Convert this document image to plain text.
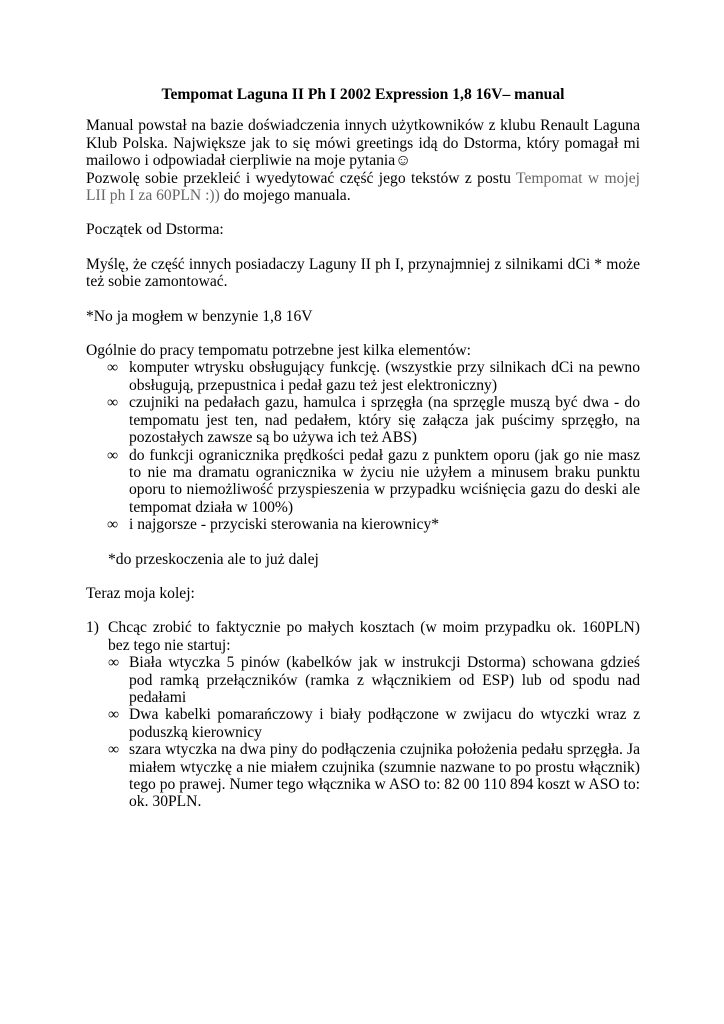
Tempomat Laguna II Ph I 2002 Expression 1,8 16V– manual

Manual powstał na bazie doświadczenia innych użytkowników z klubu Renault Laguna Klub Polska. Największe jak to się mówi greetings idą do Dstorma, który pomagał mi mailowo i odpowiadał cierpliwie na moje pytania☺

Pozwolę sobie przekleić i wyedytować część jego tekstów z postu Tempomat w mojej LII ph I za 60PLN :)) do mojego manuala.

Początek od Dstorma:

Myślę, że część innych posiadaczy Laguny II ph I, przynajmniej z silnikami dCi * może też sobie zamontować.

*No ja mogłem w benzynie 1,8 16V

Ogólnie do pracy tempomatu potrzebne jest kilka elementów:

∞ komputer wtrysku obsługujący funkcję. (wszystkie przy silnikach dCi na pewno obsługują, przepustnica i pedał gazu też jest elektroniczny)
∞ czujniki na pedałach gazu, hamulca i sprzęgła (na sprzęgle muszą być dwa - do tempomatu jest ten, nad pedałem, który się załącza jak puścimy sprzęgło, na pozostałych zawsze są bo używa ich też ABS)
∞ do funkcji ogranicznika prędkości pedał gazu z punktem oporu (jak go nie masz to nie ma dramatu ogranicznika w życiu nie użyłem a minusem braku punktu oporu to niemożliwość przyspieszenia w przypadku wciśnięcia gazu do deski ale tempomat działa w 100%)
∞ i najgorsze - przyciski sterowania na kierownicy*

*do przeskoczenia ale to już dalej

Teraz moja kolej:

1) Chcąc zrobić to faktycznie po małych kosztach (w moim przypadku ok. 160PLN) bez tego nie startuj:

∞ Biała wtyczka 5 pinów (kabelków jak w instrukcji Dstorma) schowana gdzieś pod ramką przełączników (ramka z włącznikiem od ESP) lub od spodu nad pedałami
∞ Dwa kabelki pomarańczowy i biały podłączone w zwijacu do wtyczki wraz z poduszką kierownicy
∞ szara wtyczka na dwa piny do podłączenia czujnika położenia pedału sprzęgła. Ja miałem wtyczkę a nie miałem czujnika (szumnie nazwane to po prostu włącznik) tego po prawej. Numer tego włącznika w ASO to: 82 00 110 894 koszt w ASO to: ok. 30PLN.
